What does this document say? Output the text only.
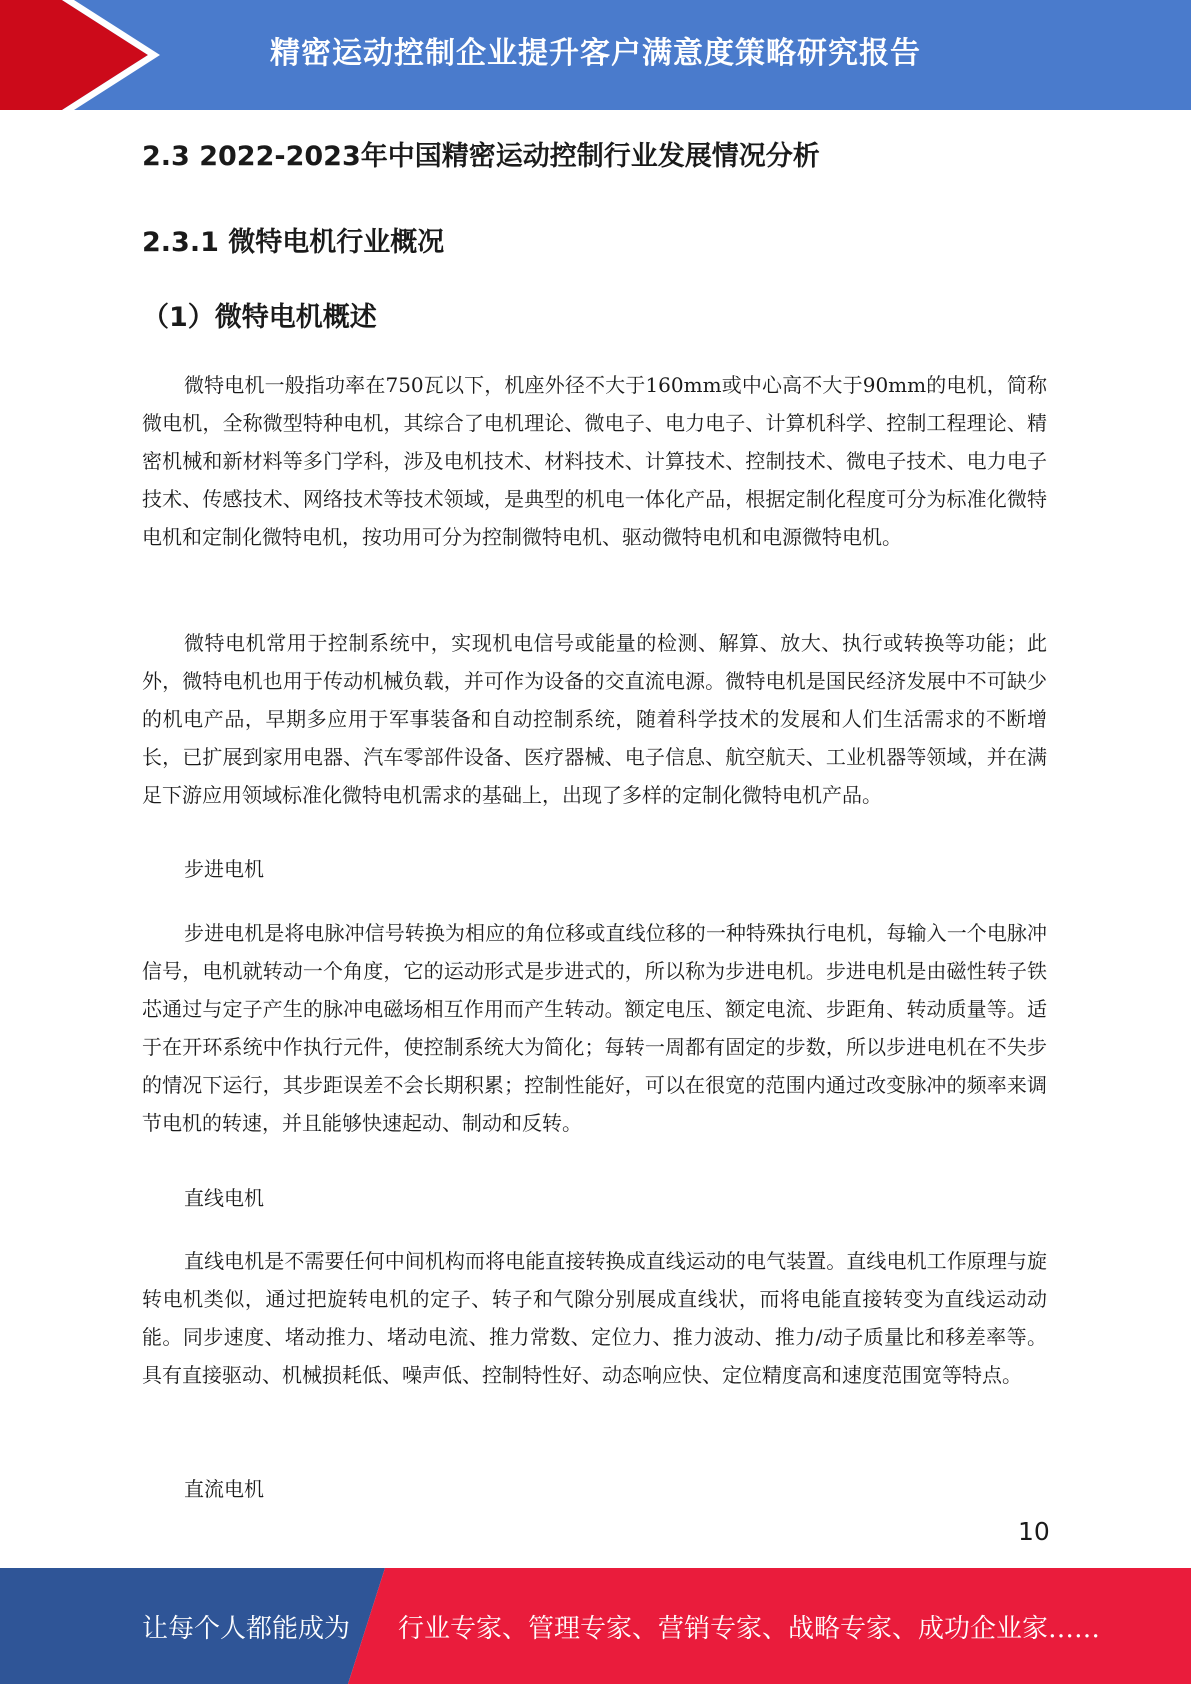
精密运动控制企业提升客户满意度策略研究报告
2.3 2022-2023年中国精密运动控制行业发展情况分析
2.3.1 微特电机行业概况
（1）微特电机概述

微特电机一般指功率在750瓦以下，机座外径不大于160mm或中心高不大于90mm的电机，简称微电机，全称微型特种电机，其综合了电机理论、微电子、电力电子、计算机科学、控制工程理论、精密机械和新材料等多门学科，涉及电机技术、材料技术、计算技术、控制技术、微电子技术、电力电子技术、传感技术、网络技术等技术领域，是典型的机电一体化产品，根据定制化程度可分为标准化微特电机和定制化微特电机，按功用可分为控制微特电机、驱动微特电机和电源微特电机。

微特电机常用于控制系统中，实现机电信号或能量的检测、解算、放大、执行或转换等功能；此外，微特电机也用于传动机械负载，并可作为设备的交直流电源。微特电机是国民经济发展中不可缺少的机电产品，早期多应用于军事装备和自动控制系统，随着科学技术的发展和人们生活需求的不断增长，已扩展到家用电器、汽车零部件设备、医疗器械、电子信息、航空航天、工业机器等领域，并在满足下游应用领域标准化微特电机需求的基础上，出现了多样的定制化微特电机产品。

步进电机

步进电机是将电脉冲信号转换为相应的角位移或直线位移的一种特殊执行电机，每输入一个电脉冲信号，电机就转动一个角度，它的运动形式是步进式的，所以称为步进电机。步进电机是由磁性转子铁芯通过与定子产生的脉冲电磁场相互作用而产生转动。额定电压、额定电流、步距角、转动质量等。适于在开环系统中作执行元件，使控制系统大为简化；每转一周都有固定的步数，所以步进电机在不失步的情况下运行，其步距误差不会长期积累；控制性能好，可以在很宽的范围内通过改变脉冲的频率来调节电机的转速，并且能够快速起动、制动和反转。

直线电机

直线电机是不需要任何中间机构而将电能直接转换成直线运动的电气装置。直线电机工作原理与旋转电机类似，通过把旋转电机的定子、转子和气隙分别展成直线状，而将电能直接转变为直线运动动能。同步速度、堵动推力、堵动电流、推力常数、定位力、推力波动、推力/动子质量比和移差率等。具有直接驱动、机械损耗低、噪声低、控制特性好、动态响应快、定位精度高和速度范围宽等特点。

直流电机

10
让每个人都能成为 行业专家、管理专家、营销专家、战略专家、成功企业家……
